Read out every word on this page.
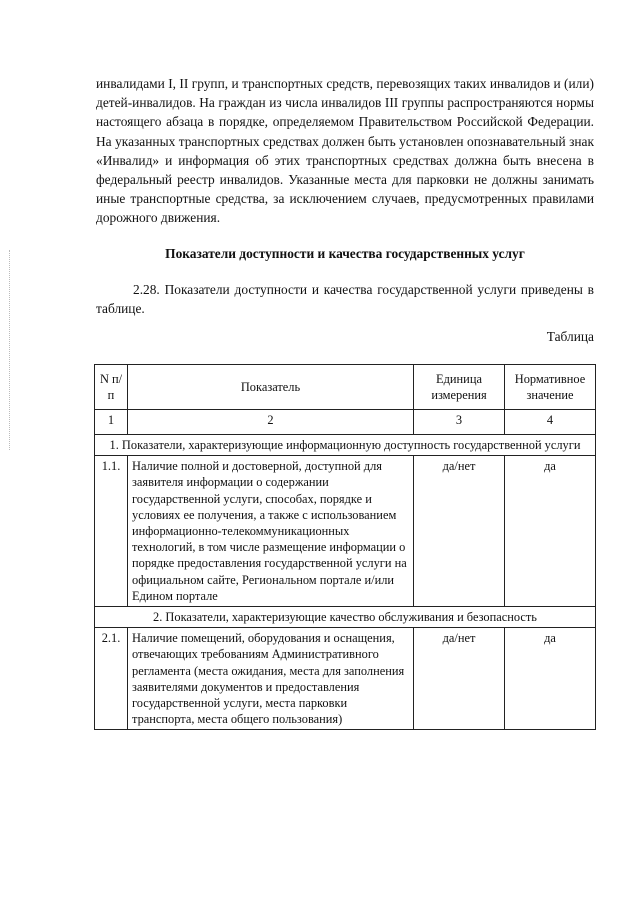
инвалидами I, II групп, и транспортных средств, перевозящих таких инвалидов и (или) детей-инвалидов. На граждан из числа инвалидов III группы распространяются нормы настоящего абзаца в порядке, определяемом Правительством Российской Федерации. На указанных транспортных средствах должен быть установлен опознавательный знак «Инвалид» и информация об этих транспортных средствах должна быть внесена в федеральный реестр инвалидов. Указанные места для парковки не должны занимать иные транспортные средства, за исключением случаев, предусмотренных правилами дорожного движения.

Показатели доступности и качества государственных услуг
2.28. Показатели доступности и качества государственной услуги приведены в таблице.
Таблица
N п/п	Показатель	Единица измерения	Нормативное значение
1	2	3	4
1. Показатели, характеризующие информационную доступность государственной услуги			
1.1.	Наличие полной и достоверной, доступной для заявителя информации о содержании государственной услуги, способах, порядке и условиях ее получения, а также с использованием информационно-телекоммуникационных технологий, в том числе размещение информации о порядке предоставления государственной услуги на официальном сайте, Региональном портале и/или Едином портале	да/нет	да
2. Показатели, характеризующие качество обслуживания и безопасность			
2.1.	Наличие помещений, оборудования и оснащения, отвечающих требованиям Административного регламента (места ожидания, места для заполнения заявителями документов и предоставления государственной услуги, места парковки транспорта, места общего пользования)	да/нет	да
